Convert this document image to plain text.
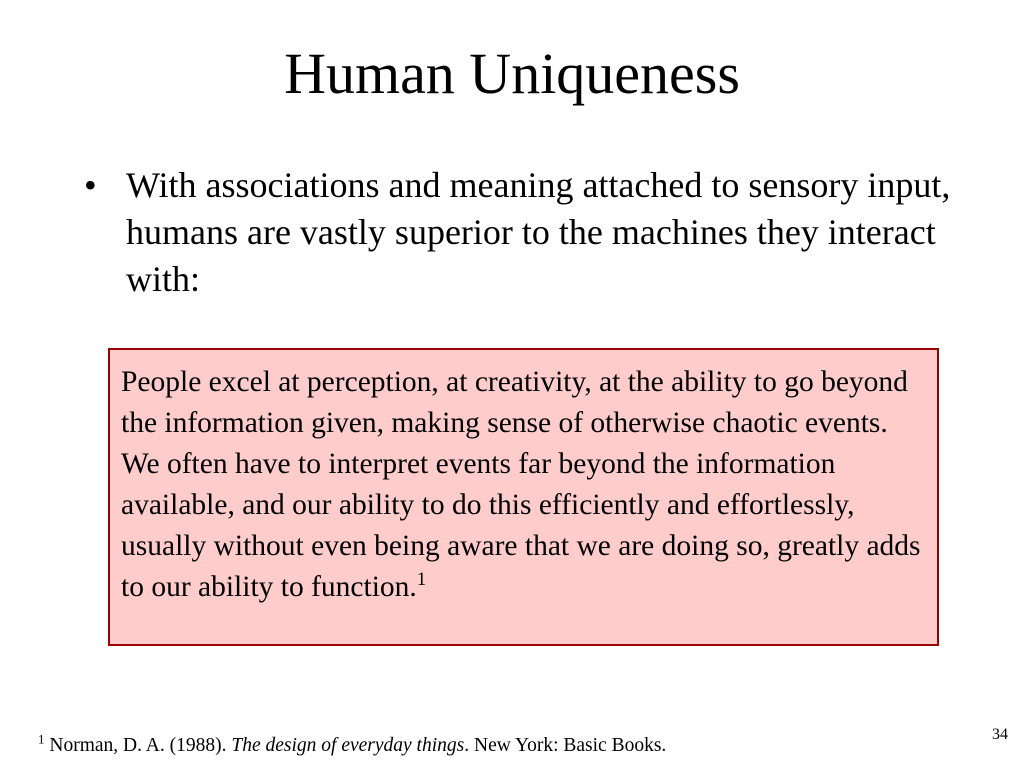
Human Uniqueness
• With associations and meaning attached to sensory input, humans are vastly superior to the machines they interact with:
People excel at perception, at creativity, at the ability to go beyond the information given, making sense of otherwise chaotic events. We often have to interpret events far beyond the information available, and our ability to do this efficiently and effortlessly, usually without even being aware that we are doing so, greatly adds to our ability to function.$^1$
$^1$ Norman, D. A. (1988). The design of everyday things. New York: Basic Books.
34
